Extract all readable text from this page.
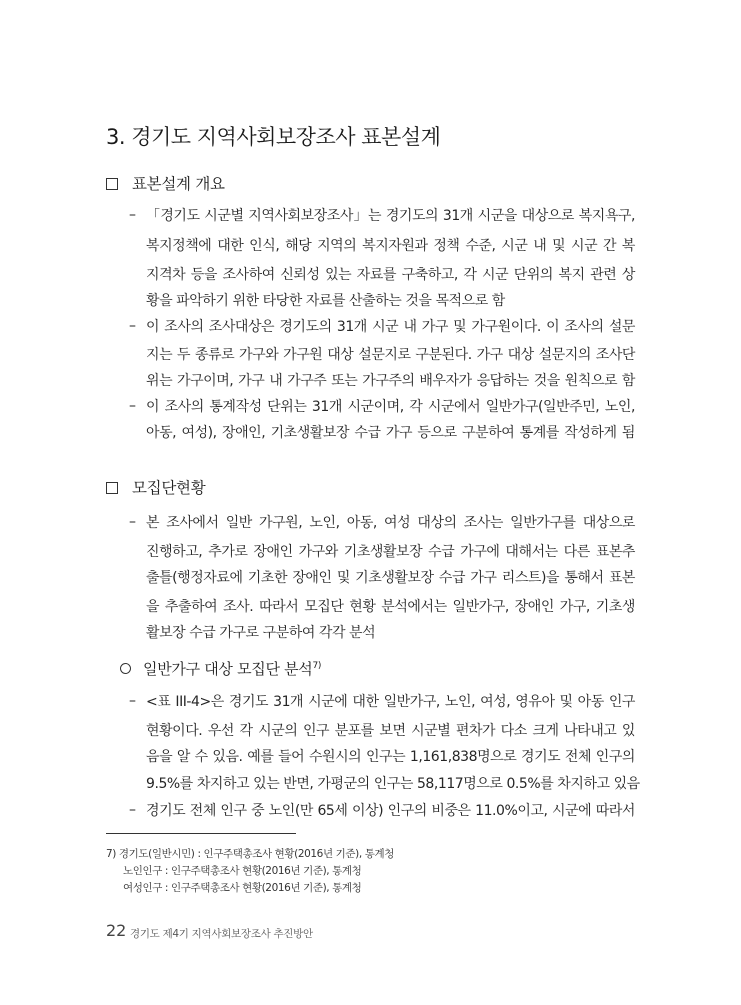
3. 경기도 지역사회보장조사 표본설계
표본설계 개요
– 「경기도 시군별 지역사회보장조사」는 경기도의 31개 시군을 대상으로 복지욕구,
복지정책에 대한 인식, 해당 지역의 복지자원과 정책 수준, 시군 내 및 시군 간 복
지격차 등을 조사하여 신뢰성 있는 자료를 구축하고, 각 시군 단위의 복지 관련 상
황을 파악하기 위한 타당한 자료를 산출하는 것을 목적으로 함
– 이 조사의 조사대상은 경기도의 31개 시군 내 가구 및 가구원이다. 이 조사의 설문
지는 두 종류로 가구와 가구원 대상 설문지로 구분된다. 가구 대상 설문지의 조사단
위는 가구이며, 가구 내 가구주 또는 가구주의 배우자가 응답하는 것을 원칙으로 함
– 이 조사의 통계작성 단위는 31개 시군이며, 각 시군에서 일반가구(일반주민, 노인,
아동, 여성), 장애인, 기초생활보장 수급 가구 등으로 구분하여 통계를 작성하게 됨
모집단현황
– 본 조사에서 일반 가구원, 노인, 아동, 여성 대상의 조사는 일반가구를 대상으로
진행하고, 추가로 장애인 가구와 기초생활보장 수급 가구에 대해서는 다른 표본추
출틀(행정자료에 기초한 장애인 및 기초생활보장 수급 가구 리스트)을 통해서 표본
을 추출하여 조사. 따라서 모집단 현황 분석에서는 일반가구, 장애인 가구, 기초생
활보장 수급 가구로 구분하여 각각 분석
일반가구 대상 모집단 분석$^{7)}$
– <표 III-4>은 경기도 31개 시군에 대한 일반가구, 노인, 여성, 영유아 및 아동 인구
현황이다. 우선 각 시군의 인구 분포를 보면 시군별 편차가 다소 크게 나타내고 있
음을 알 수 있음. 예를 들어 수원시의 인구는 1,161,838명으로 경기도 전체 인구의
9.5%를 차지하고 있는 반면, 가평군의 인구는 58,117명으로 0.5%를 차지하고 있음
– 경기도 전체 인구 중 노인(만 65세 이상) 인구의 비중은 11.0%이고, 시군에 따라서
7) 경기도(일반시민) : 인구주택총조사 현황(2016년 기준), 통계청
노인인구 : 인구주택총조사 현황(2016년 기준), 통계청
여성인구 : 인구주택총조사 현황(2016년 기준), 통계청
22 경기도 제4기 지역사회보장조사 추진방안
